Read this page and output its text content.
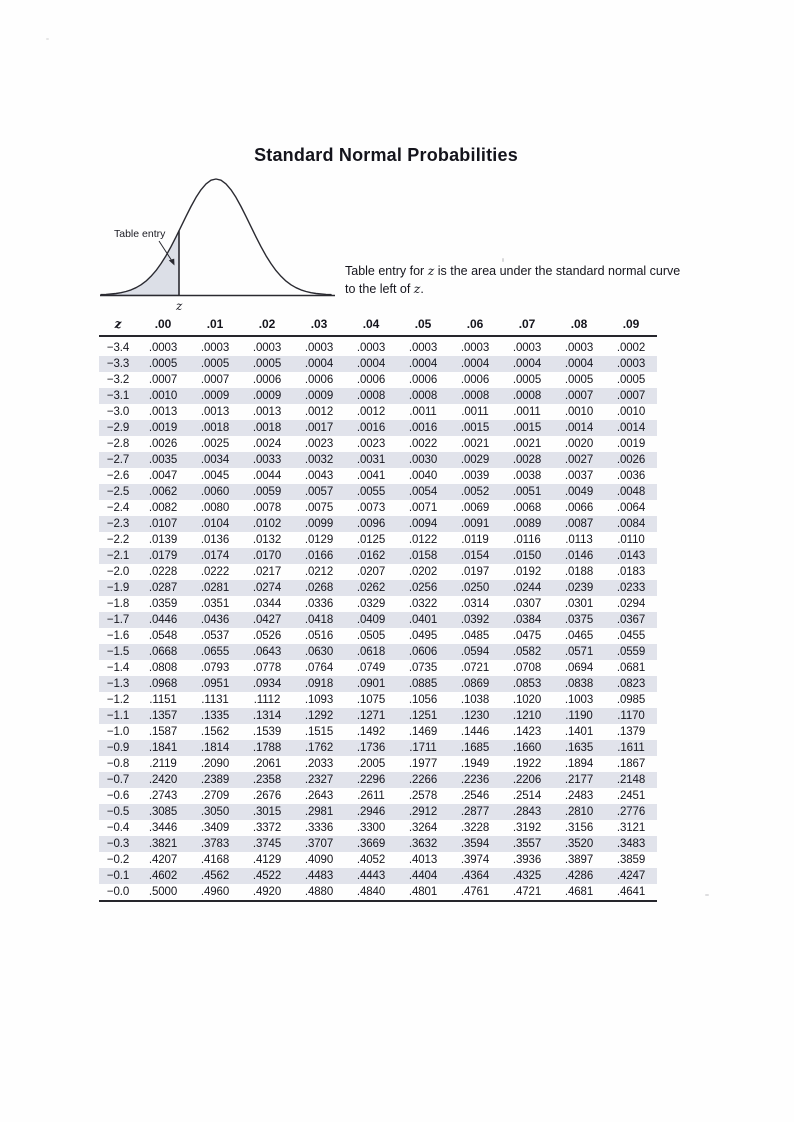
Standard Normal Probabilities
Table entry
z
Table entry for z is the area under the standard normal curve
to the left of z.
z	.00	.01	.02	.03	.04	.05	.06	.07	.08	.09
−3.4	.0003	.0003	.0003	.0003	.0003	.0003	.0003	.0003	.0003	.0002
−3.3	.0005	.0005	.0005	.0004	.0004	.0004	.0004	.0004	.0004	.0003
−3.2	.0007	.0007	.0006	.0006	.0006	.0006	.0006	.0005	.0005	.0005
−3.1	.0010	.0009	.0009	.0009	.0008	.0008	.0008	.0008	.0007	.0007
−3.0	.0013	.0013	.0013	.0012	.0012	.0011	.0011	.0011	.0010	.0010
−2.9	.0019	.0018	.0018	.0017	.0016	.0016	.0015	.0015	.0014	.0014
−2.8	.0026	.0025	.0024	.0023	.0023	.0022	.0021	.0021	.0020	.0019
−2.7	.0035	.0034	.0033	.0032	.0031	.0030	.0029	.0028	.0027	.0026
−2.6	.0047	.0045	.0044	.0043	.0041	.0040	.0039	.0038	.0037	.0036
−2.5	.0062	.0060	.0059	.0057	.0055	.0054	.0052	.0051	.0049	.0048
−2.4	.0082	.0080	.0078	.0075	.0073	.0071	.0069	.0068	.0066	.0064
−2.3	.0107	.0104	.0102	.0099	.0096	.0094	.0091	.0089	.0087	.0084
−2.2	.0139	.0136	.0132	.0129	.0125	.0122	.0119	.0116	.0113	.0110
−2.1	.0179	.0174	.0170	.0166	.0162	.0158	.0154	.0150	.0146	.0143
−2.0	.0228	.0222	.0217	.0212	.0207	.0202	.0197	.0192	.0188	.0183
−1.9	.0287	.0281	.0274	.0268	.0262	.0256	.0250	.0244	.0239	.0233
−1.8	.0359	.0351	.0344	.0336	.0329	.0322	.0314	.0307	.0301	.0294
−1.7	.0446	.0436	.0427	.0418	.0409	.0401	.0392	.0384	.0375	.0367
−1.6	.0548	.0537	.0526	.0516	.0505	.0495	.0485	.0475	.0465	.0455
−1.5	.0668	.0655	.0643	.0630	.0618	.0606	.0594	.0582	.0571	.0559
−1.4	.0808	.0793	.0778	.0764	.0749	.0735	.0721	.0708	.0694	.0681
−1.3	.0968	.0951	.0934	.0918	.0901	.0885	.0869	.0853	.0838	.0823
−1.2	.1151	.1131	.1112	.1093	.1075	.1056	.1038	.1020	.1003	.0985
−1.1	.1357	.1335	.1314	.1292	.1271	.1251	.1230	.1210	.1190	.1170
−1.0	.1587	.1562	.1539	.1515	.1492	.1469	.1446	.1423	.1401	.1379
−0.9	.1841	.1814	.1788	.1762	.1736	.1711	.1685	.1660	.1635	.1611
−0.8	.2119	.2090	.2061	.2033	.2005	.1977	.1949	.1922	.1894	.1867
−0.7	.2420	.2389	.2358	.2327	.2296	.2266	.2236	.2206	.2177	.2148
−0.6	.2743	.2709	.2676	.2643	.2611	.2578	.2546	.2514	.2483	.2451
−0.5	.3085	.3050	.3015	.2981	.2946	.2912	.2877	.2843	.2810	.2776
−0.4	.3446	.3409	.3372	.3336	.3300	.3264	.3228	.3192	.3156	.3121
−0.3	.3821	.3783	.3745	.3707	.3669	.3632	.3594	.3557	.3520	.3483
−0.2	.4207	.4168	.4129	.4090	.4052	.4013	.3974	.3936	.3897	.3859
−0.1	.4602	.4562	.4522	.4483	.4443	.4404	.4364	.4325	.4286	.4247
−0.0	.5000	.4960	.4920	.4880	.4840	.4801	.4761	.4721	.4681	.4641
